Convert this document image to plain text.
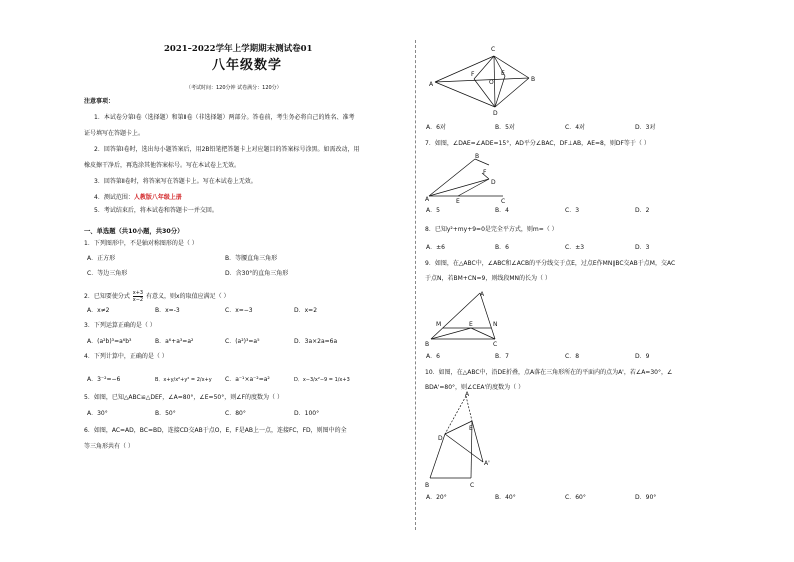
2021–2022学年上学期期末测试卷01
八年级数学
（考试时间：120分钟 试卷满分：120分）
注意事项：
1．本试卷分第Ⅰ卷（选择题）和第Ⅱ卷（非选择题）两部分。答卷前，考生务必将自己的姓名、准考
证号填写在答题卡上。
2．回答第Ⅰ卷时，选出每小题答案后，用2B铅笔把答题卡上对应题目的答案标号涂黑。如需改动，用
橡皮擦干净后，再选涂其他答案标号。写在本试卷上无效。
3．回答第Ⅱ卷时，将答案写在答题卡上。写在本试卷上无效。
4．测试范围：人教版八年级上册
5．考试结束后，将本试卷和答题卡一并交回。
一、单选题（共10小题，共30分）
1．下列图形中，不是轴对称图形的是（ ）
A．正方形	B．等腰直角三角形
C．等边三角形	D．含30°的直角三角形
2．已知要使分式 $\frac{x+3}{x-2}$ 有意义，则x的取值应满足（ ）
A．x≠2	B．x=-3	C．x=−3	D．x=2
3．下列运算正确的是（ ）
A．(a²b)³=a⁶b³	B．a⁶+a³=a²	C．(a²)³=a⁵	D．3a×2a=6a
4．下列计算中，正确的是（ ）
A．3⁻²=−6	B．x+y/x²+y² = 2/x+y C．a⁻¹×a⁻²=a²	D．x−3/x²−9 = 1/x+3
5．如图，已知△ABC≌△DEF，∠A=80°，∠E=50°，则∠F的度数为（ ）
A．30°	B．50°	C．80°	D．100°
6．如图，AC=AD，BC=BD，连接CD交AB于点O，E，F是AB上一点，连接FC，FD，则图中的全
等三角形共有（ ）
C
A
F
O
E
B
D
A．6对	B．5对	C．4对	D．3对
7．如图，∠DAE=∠ADE=15°，AD平分∠BAC，DF⊥AB，AE=8，则DF等于（ ）
B
D
F
A	E	C
A．5	B．4	C．3	D．2
8．已知y²+my+9=0是完全平方式，则m=（ ）
A．±6	B．6	C．±3	D．3
9．如图，在△ABC中，∠ABC和∠ACB的平分线交于点E，过点E作MN∥BC交AB于点M，交AC
于点N，若BM+CN=9，则线段MN的长为（ ）
A
M	E	N
B	C
A．6	B．7	C．8	D．9
10．如图，在△ABC中，沿DE折叠，点A落在三角形所在的平面内的点为A'，若∠A=30°，∠
BDA'=80°，则∠CEA'的度数为（ ）
A
D
E
A'
B	C
A．20°	B．40°	C．60°	D．90°
